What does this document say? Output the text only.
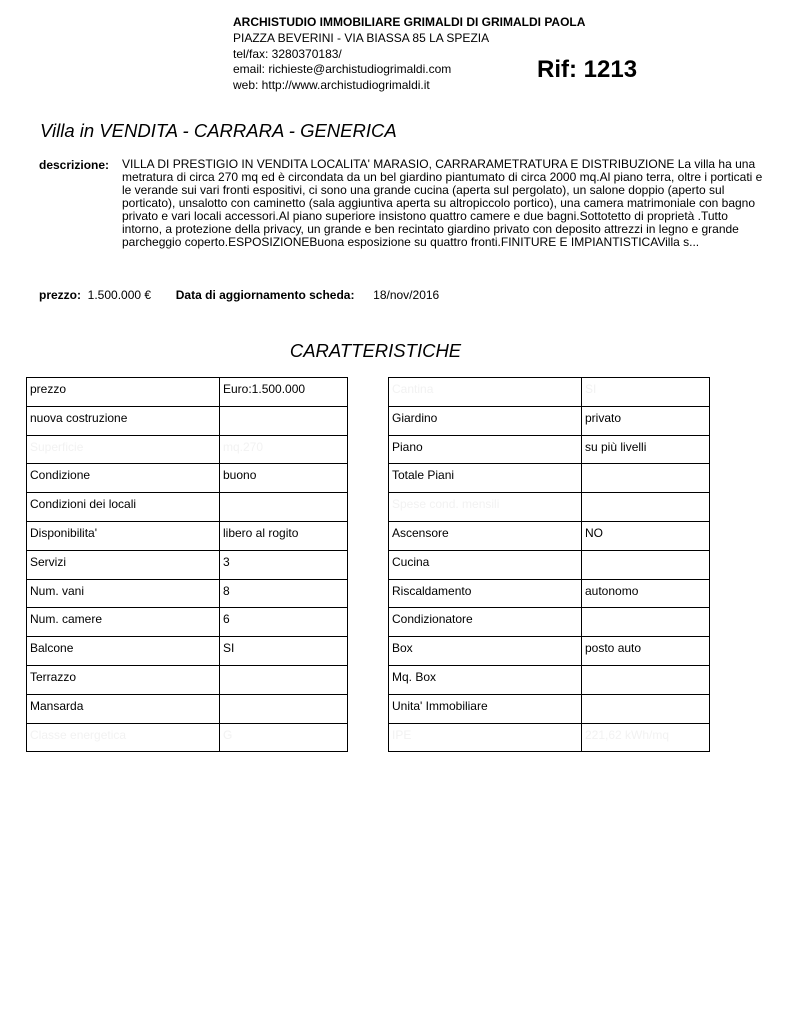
ARCHISTUDIO IMMOBILIARE GRIMALDI DI GRIMALDI PAOLA
PIAZZA BEVERINI - VIA BIASSA 85 LA SPEZIA
tel/fax: 3280370183/
email: richieste@archistudiogrimaldi.com
web: http://www.archistudiogrimaldi.it
Rif: 1213
Villa in VENDITA - CARRARA - GENERICA
descrizione: VILLA DI PRESTIGIO IN VENDITA LOCALITA' MARASIO, CARRARAMETRATURA E DISTRIBUZIONE La villa ha una metratura di circa 270 mq ed è circondata da un bel giardino piantumato di circa 2000 mq.Al piano terra, oltre i porticati e le verande sui vari fronti espositivi, ci sono una grande cucina (aperta sul pergolato), un salone doppio (aperto sul porticato), unsalotto con caminetto (sala aggiuntiva aperta su altropiccolo portico), una camera matrimoniale con bagno privato e vari locali accessori.Al piano superiore insistono quattro camere e due bagni.Sottotetto di proprietà .Tutto intorno, a protezione della privacy, un grande e ben recintato giardino privato con deposito attrezzi in legno e grande parcheggio coperto.ESPOSIZIONEBuona esposizione su quattro fronti.FINITURE E IMPIANTISTICAVilla s...
prezzo: 1.500.000 € Data di aggiornamento scheda: 18/nov/2016
CARATTERISTICHE
prezzo	Euro:1.500.000
nuova costruzione	
Superficie	mq.270
Condizione	buono
Condizioni dei locali	
Disponibilita'	libero al rogito
Servizi	3
Num. vani	8
Num. camere	6
Balcone	SI
Terrazzo	
Mansarda	
Classe energetica	G
Cantina	SI
Giardino	privato
Piano	su più livelli
Totale Piani	
Spese cond. mensili	
Ascensore	NO
Cucina	
Riscaldamento	autonomo
Condizionatore	
Box	posto auto
Mq. Box	
Unita' Immobiliare	
IPE	221,62 kWh/mq
